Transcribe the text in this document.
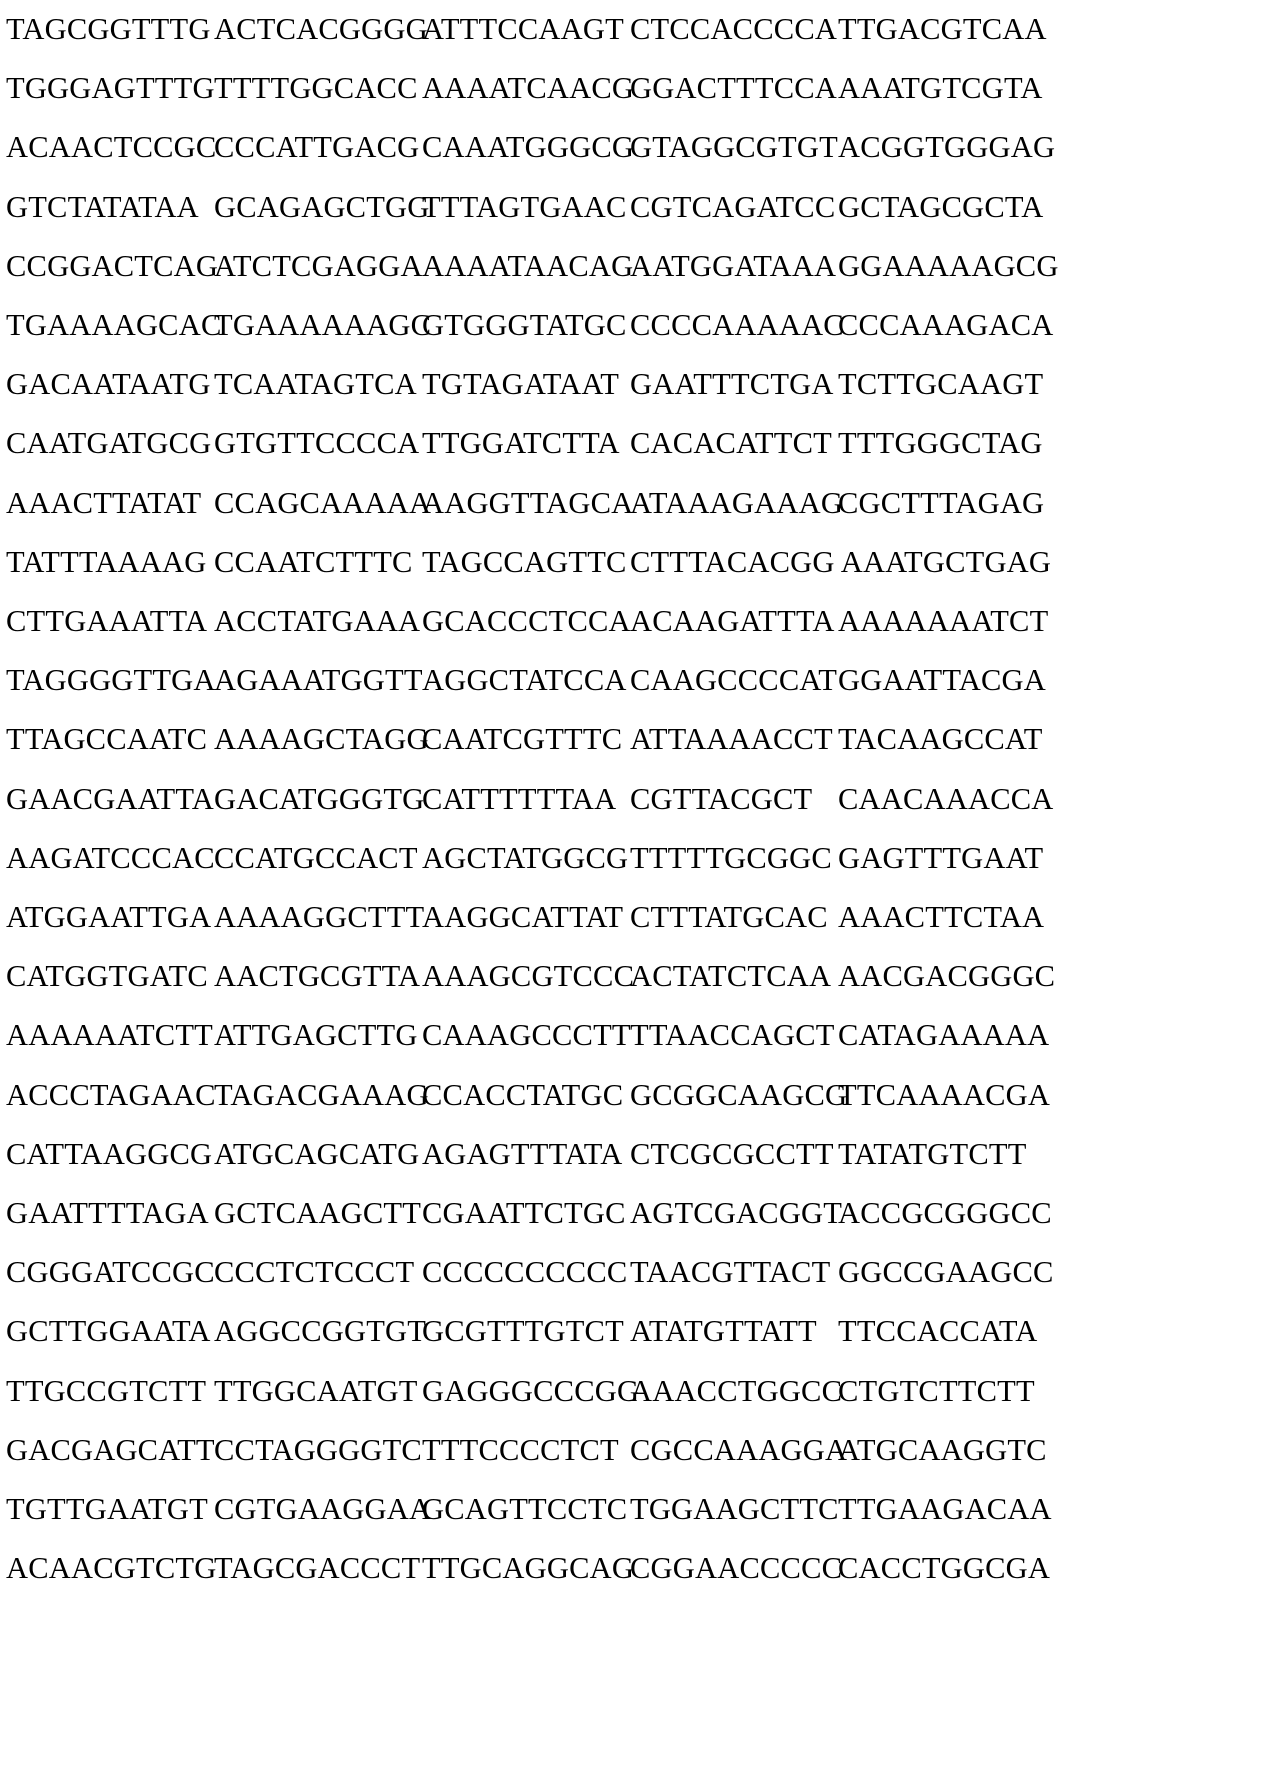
TAGCGGTTTG ACTCACGGGG
ATTTCCAAGT CTCCACCCCA TTGACGTCAA
TGGGAGTTTG TTTTGGCACC AAAATCAACG
GGACTTTCCA AAATGTCGTA
ACAACTCCGC
CCCATTGACG CAAATGGGCG
GTAGGCGTGT ACGGTGGGAG
GTCTATATAA GCAGAGCTGG
TTTAGTGAAC CGTCAGATCC GCTAGCGCTA
CCGGACTCAG
ATCTCGAGGA AAAATAACAG
AATGGATAAA GGAAAAAGCG
TGAAAAGCAC
TGAAAAAAGC
GTGGGTATGC CCCCAAAAAC
CCCAAAGACA
GACAATAATG TCAATAGTCA TGTAGATAAT GAATTTCTGA TCTTGCAAGT
CAATGATGCG GTGTTCCCCA TTGGATCTTA CACACATTCT TTTGGGCTAG
AAACTTATAT CCAGCAAAAA
AAGGTTAGCA
ATAAAGAAAG
CGCTTTAGAG
TATTTAAAAG CCAATCTTTC TAGCCAGTTC CTTTACACGG AAATGCTGAG
CTTGAAATTA ACCTATGAAA GCACCCTCCA ACAAGATTTA AAAAAAATCT
TAGGGGTTGA
AGAAATGGTT AGGCTATCCA CAAGCCCCAT GGAATTACGA
TTAGCCAATC AAAAGCTAGG
CAATCGTTTC ATTAAAACCT TACAAGCCAT
GAACGAATTA GACATGGGTG
CATTTTTTAA CGTTACGCT CAACAAACCA
AAGATCCCAC CCATGCCACT AGCTATGGCG TTTTTGCGGC GAGTTTGAAT
ATGGAATTGA AAAAGGCTTT
AAGGCATTAT CTTTATGCAC AAACTTCTAA
CATGGTGATC AACTGCGTTA AAAGCGTCCC
ACTATCTCAA AACGACGGGC
AAAAAATCTT ATTGAGCTTG CAAAGCCCTT TTAACCAGCT CATAGAAAAA
ACCCTAGAAC
TAGACGAAAG
CCACCTATGC GCGGCAAGCG
TTCAAAACGA
CATTAAGGCG ATGCAGCATG AGAGTTTATA CTCGCGCCTT TATATGTCTT
GAATTTTAGA GCTCAAGCTT CGAATTCTGC AGTCGACGGT
ACCGCGGGCC
CGGGATCCGC CCCTCTCCCT CCCCCCCCCC TAACGTTACT GGCCGAAGCC
GCTTGGAATA AGGCCGGTGT
GCGTTTGTCT ATATGTTATT TTCCACCATA
TTGCCGTCTT TTGGCAATGT GAGGGCCCGG
AAACCTGGCC
CTGTCTTCTT
GACGAGCATT CCTAGGGGTC TTTCCCCTCT CGCCAAAGGA
ATGCAAGGTC
TGTTGAATGT CGTGAAGGAA
GCAGTTCCTC TGGAAGCTTC TTGAAGACAA
ACAACGTCTG
TAGCGACCCT TTGCAGGCAG
CGGAACCCCC
CACCTGGCGA
